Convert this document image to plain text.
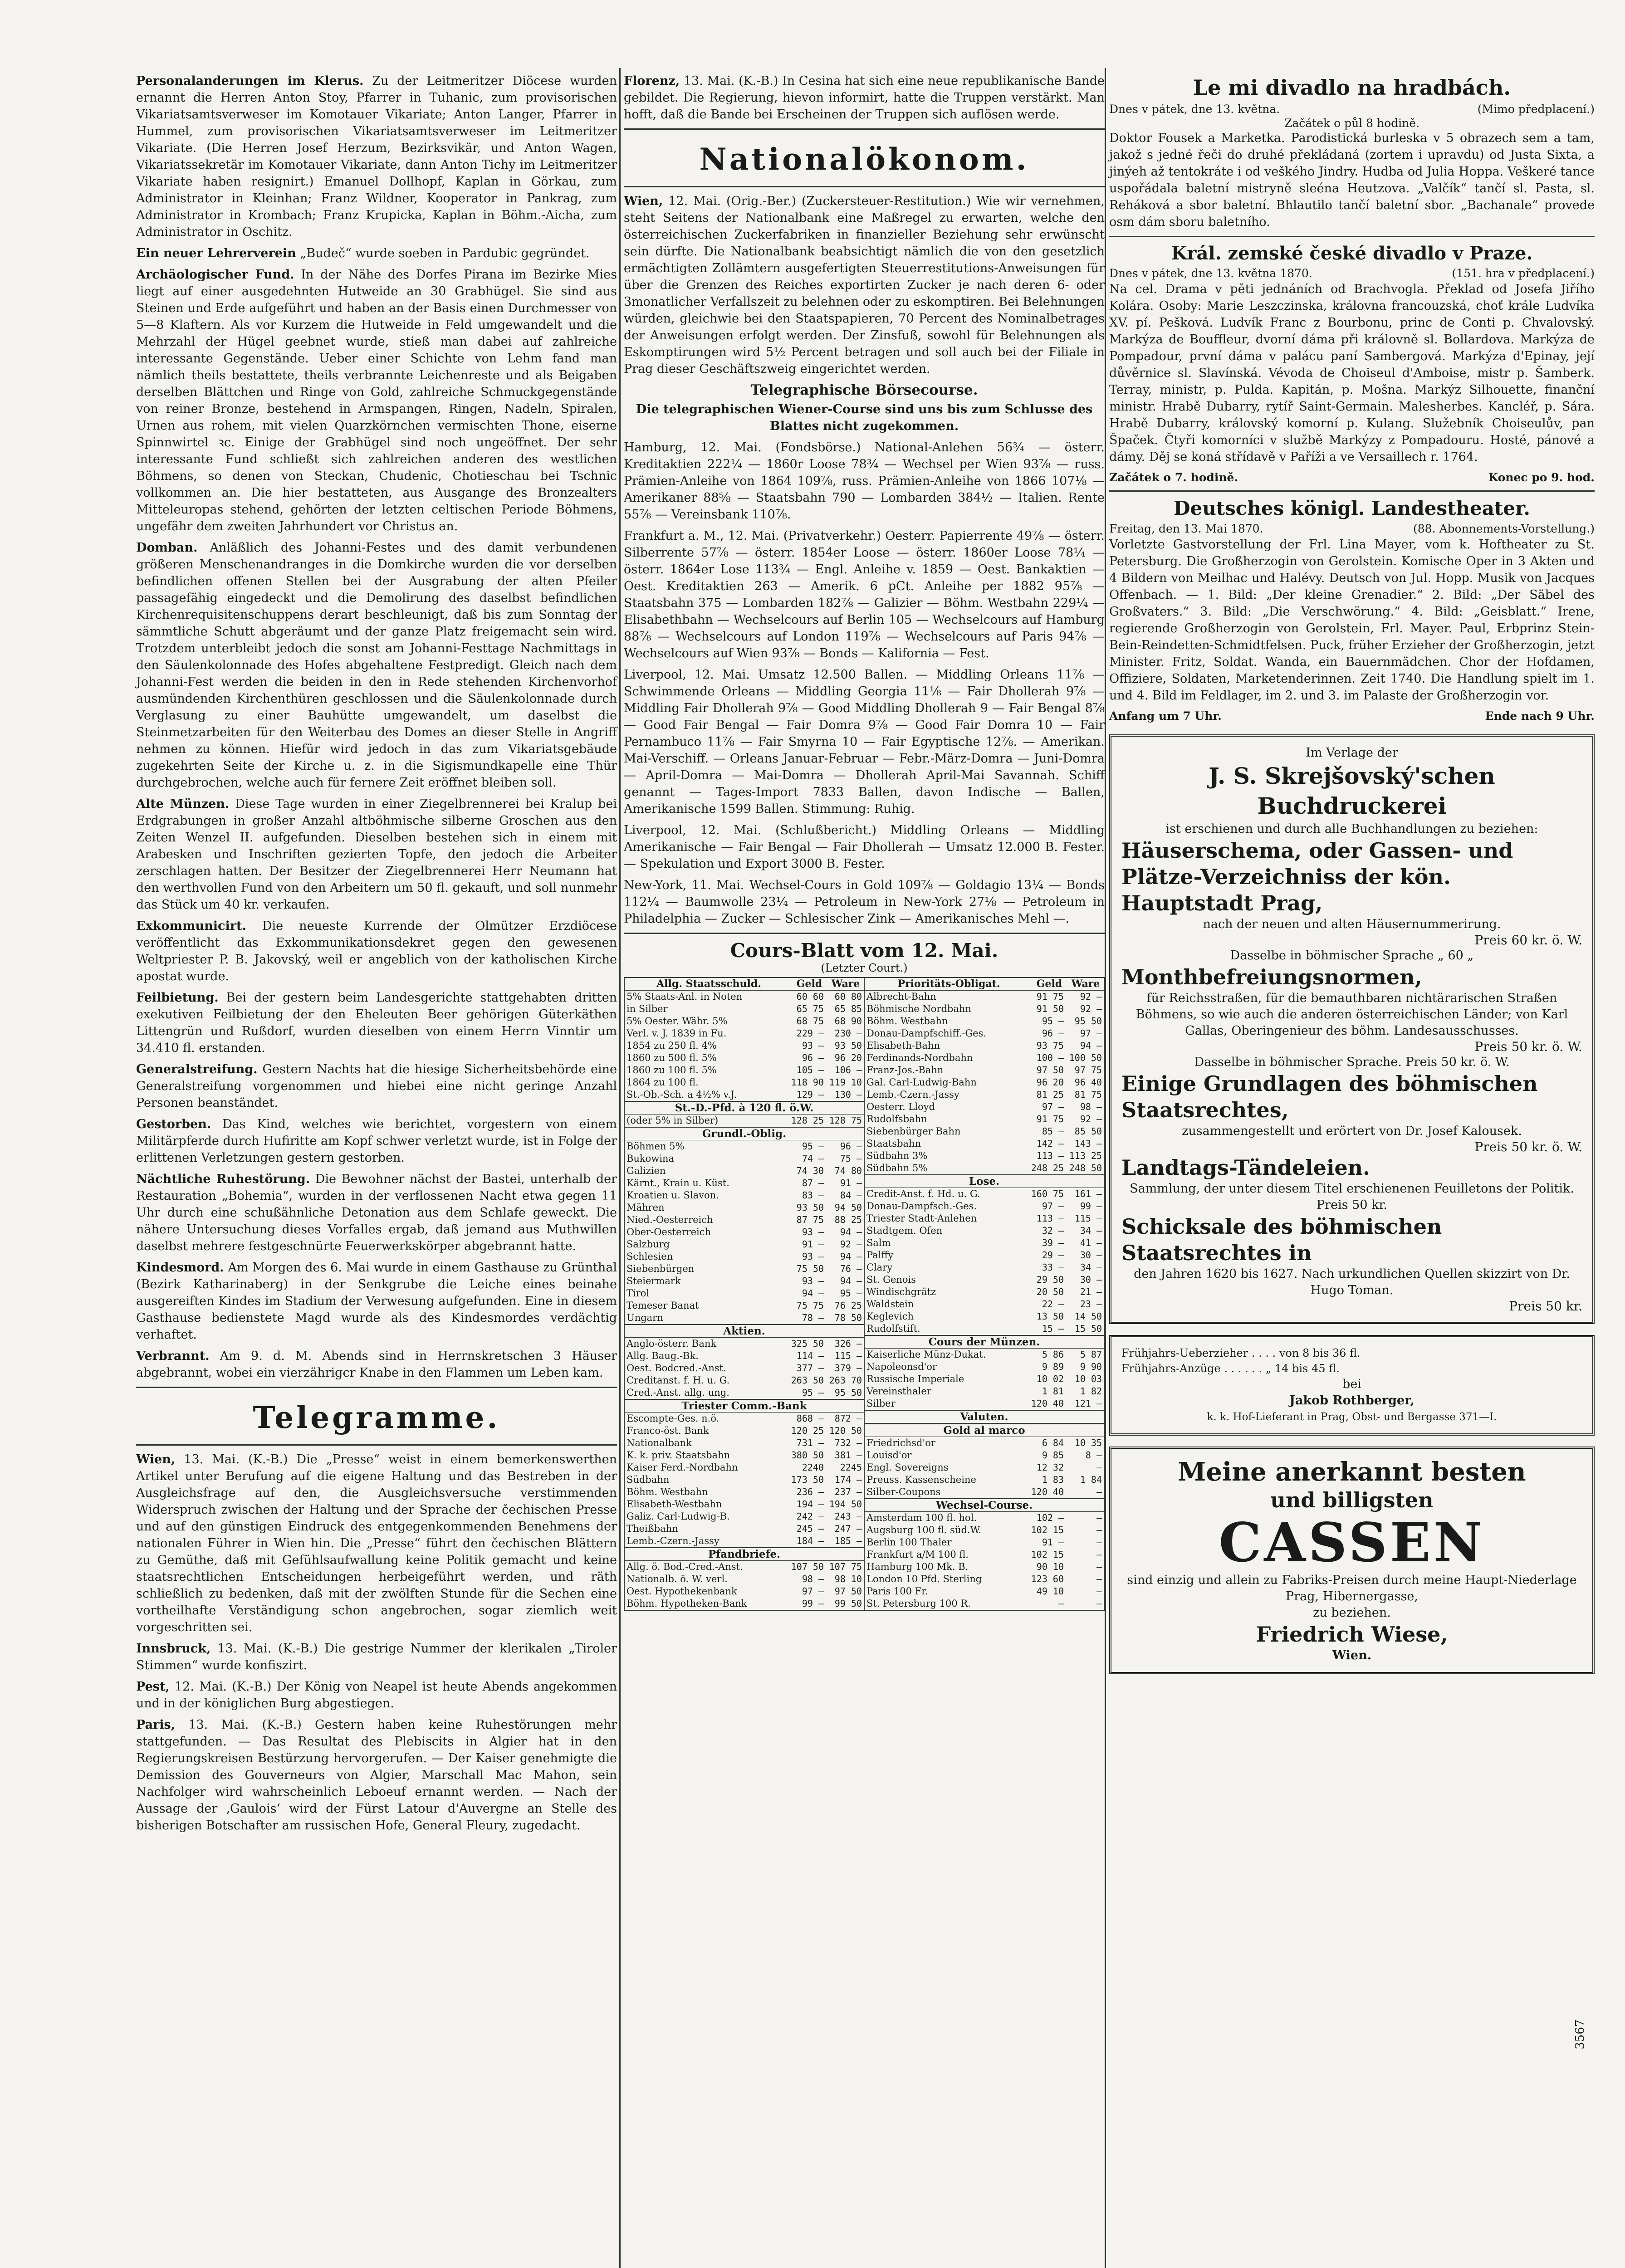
Personalanderungen im Klerus. Zu der Leitmeritzer Diöcese wurden ernannt die Herren Anton Stoy, Pfarrer in Tuhanic, zum provisorischen Vikariatsamtsverweser im Komotauer Vikariate; Anton Langer, Pfarrer in Hummel, zum provisorischen Vikariatsamtsverweser im Leitmeritzer Vikariate. (Die Herren Josef Herzum, Bezirksvikär, und Anton Wagen, Vikariatssekretär im Komotauer Vikariate, dann Anton Tichy im Leitmeritzer Vikariate haben resignirt.) Emanuel Dollhopf, Kaplan in Görkau, zum Administrator in Kleinhan; Franz Wildner, Kooperator in Pankrag, zum Administrator in Krombach; Franz Krupicka, Kaplan in Böhm.-Aicha, zum Administrator in Oschitz.

Ein neuer Lehrerverein „Budeč“ wurde soeben in Pardubic gegründet.

Archäologischer Fund. In der Nähe des Dorfes Pirana im Bezirke Mies liegt auf einer ausgedehnten Hutweide an 30 Grabhügel. Sie sind aus Steinen und Erde aufgeführt und haben an der Basis einen Durchmesser von 5—8 Klaftern. Als vor Kurzem die Hutweide in Feld umgewandelt und die Mehrzahl der Hügel geebnet wurde, stieß man dabei auf zahlreiche interessante Gegenstände. Ueber einer Schichte von Lehm fand man nämlich theils bestattete, theils verbrannte Leichenreste und als Beigaben derselben Blättchen und Ringe von Gold, zahlreiche Schmuckgegenstände von reiner Bronze, bestehend in Armspangen, Ringen, Nadeln, Spiralen, Urnen aus rohem, mit vielen Quarzkörnchen vermischten Thone, eiserne Spinnwirtel ꝛc. Einige der Grabhügel sind noch ungeöffnet. Der sehr interessante Fund schließt sich zahlreichen anderen des westlichen Böhmens, so denen von Steckan, Chudenic, Chotieschau bei Tschnic vollkommen an. Die hier bestatteten, aus Ausgange des Bronzealters Mitteleuropas stehend, gehörten der letzten celtischen Periode Böhmens, ungefähr dem zweiten Jahrhundert vor Christus an.

Domban. Anläßlich des Johanni-Festes und des damit verbundenen größeren Menschenandranges in die Domkirche wurden die vor derselben befindlichen offenen Stellen bei der Ausgrabung der alten Pfeiler passagefähig eingedeckt und die Demolirung des daselbst befindlichen Kirchenrequisitenschuppens derart beschleunigt, daß bis zum Sonntag der sämmtliche Schutt abgeräumt und der ganze Platz freigemacht sein wird. Trotzdem unterbleibt jedoch die sonst am Johanni-Festtage Nachmittags in den Säulenkolonnade des Hofes abgehaltene Festpredigt. Gleich nach dem Johanni-Fest werden die beiden in den in Rede stehenden Kirchenvorhof ausmündenden Kirchenthüren geschlossen und die Säulenkolonnade durch Verglasung zu einer Bauhütte umgewandelt, um daselbst die Steinmetzarbeiten für den Weiterbau des Domes an dieser Stelle in Angriff nehmen zu können. Hiefür wird jedoch in das zum Vikariatsgebäude zugekehrten Seite der Kirche u. z. in die Sigismundkapelle eine Thür durchgebrochen, welche auch für fernere Zeit eröffnet bleiben soll.

Alte Münzen. Diese Tage wurden in einer Ziegelbrennerei bei Kralup bei Erdgrabungen in großer Anzahl altböhmische silberne Groschen aus den Zeiten Wenzel II. aufgefunden. Dieselben bestehen sich in einem mit Arabesken und Inschriften gezierten Topfe, den jedoch die Arbeiter zerschlagen hatten. Der Besitzer der Ziegelbrennerei Herr Neumann hat den werthvollen Fund von den Arbeitern um 50 fl. gekauft, und soll nunmehr das Stück um 40 kr. verkaufen.

Exkommunicirt. Die neueste Kurrende der Olmützer Erzdiöcese veröffentlicht das Exkommunikationsdekret gegen den gewesenen Weltpriester P. B. Jakovský, weil er angeblich von der katholischen Kirche apostat wurde.

Feilbietung. Bei der gestern beim Landesgerichte stattgehabten dritten exekutiven Feilbietung der den Eheleuten Beer gehörigen Güterkäthen Littengrün und Rußdorf, wurden dieselben von einem Herrn Vinntir um 34.410 fl. erstanden.

Generalstreifung. Gestern Nachts hat die hiesige Sicherheitsbehörde eine Generalstreifung vorgenommen und hiebei eine nicht geringe Anzahl Personen beanständet.

Gestorben. Das Kind, welches wie berichtet, vorgestern von einem Militärpferde durch Hufiritte am Kopf schwer verletzt wurde, ist in Folge der erlittenen Verletzungen gestern gestorben.

Nächtliche Ruhestörung. Die Bewohner nächst der Bastei, unterhalb der Restauration „Bohemia“, wurden in der verflossenen Nacht etwa gegen 11 Uhr durch eine schußähnliche Detonation aus dem Schlafe geweckt. Die nähere Untersuchung dieses Vorfalles ergab, daß jemand aus Muthwillen daselbst mehrere festgeschnürte Feuerwerkskörper abgebrannt hatte.

Kindesmord. Am Morgen des 6. Mai wurde in einem Gasthause zu Grünthal (Bezirk Katharinaberg) in der Senkgrube die Leiche eines beinahe ausgereiften Kindes im Stadium der Verwesung aufgefunden. Eine in diesem Gasthause bedienstete Magd wurde als des Kindesmordes verdächtig verhaftet.

Verbrannt. Am 9. d. M. Abends sind in Herrnskretschen 3 Häuser abgebrannt, wobei ein vierzährigcr Knabe in den Flammen um Leben kam.

Telegramme.

Wien, 13. Mai. (K.-B.) Die „Presse“ weist in einem bemerkenswerthen Artikel unter Berufung auf die eigene Haltung und das Bestreben in der Ausgleichsfrage auf den, die Ausgleichsversuche verstimmenden Widerspruch zwischen der Haltung und der Sprache der čechischen Presse und auf den günstigen Eindruck des entgegenkommenden Benehmens der nationalen Führer in Wien hin. Die „Presse“ führt den čechischen Blättern zu Gemüthe, daß mit Gefühlsaufwallung keine Politik gemacht und keine staatsrechtlichen Entscheidungen herbeigeführt werden, und räth schließlich zu bedenken, daß mit der zwölften Stunde für die Sechen eine vortheilhafte Verständigung schon angebrochen, sogar ziemlich weit vorgeschritten sei.

Innsbruck, 13. Mai. (K.-B.) Die gestrige Nummer der klerikalen „Tiroler Stimmen“ wurde konfiszirt.

Pest, 12. Mai. (K.-B.) Der König von Neapel ist heute Abends angekommen und in der königlichen Burg abgestiegen.

Paris, 13. Mai. (K.-B.) Gestern haben keine Ruhestörungen mehr stattgefunden. — Das Resultat des Plebiscits in Algier hat in den Regierungskreisen Bestürzung hervorgerufen. — Der Kaiser genehmigte die Demission des Gouverneurs von Algier, Marschall Mac Mahon, sein Nachfolger wird wahrscheinlich Leboeuf ernannt werden. — Nach der Aussage der ‚Gaulois‘ wird der Fürst Latour d'Auvergne an Stelle des bisherigen Botschafter am russischen Hofe, General Fleury, zugedacht.

Florenz, 13. Mai. (K.-B.) In Cesina hat sich eine neue republikanische Bande gebildet. Die Regierung, hievon informirt, hatte die Truppen verstärkt. Man hofft, daß die Bande bei Erscheinen der Truppen sich auflösen werde.

Nationalökonom.

Wien, 12. Mai. (Orig.-Ber.) (Zuckersteuer-Restitution.) Wie wir vernehmen, steht Seitens der Nationalbank eine Maßregel zu erwarten, welche den österreichischen Zuckerfabriken in finanzieller Beziehung sehr erwünscht sein dürfte. Die Nationalbank beabsichtigt nämlich die von den gesetzlich ermächtigten Zollämtern ausgefertigten Steuerrestitutions-Anweisungen für über die Grenzen des Reiches exportirten Zucker je nach deren 6- oder 3monatlicher Verfallszeit zu belehnen oder zu eskomptiren. Bei Belehnungen würden, gleichwie bei den Staatspapieren, 70 Percent des Nominalbetrages der Anweisungen erfolgt werden. Der Zinsfuß, sowohl für Belehnungen als Eskomptirungen wird 5½ Percent betragen und soll auch bei der Filiale in Prag dieser Geschäftszweig eingerichtet werden.

Telegraphische Börsecourse.

Die telegraphischen Wiener-Course sind uns bis zum Schlusse des Blattes nicht zugekommen.

Hamburg, 12. Mai. (Fondsbörse.) National-Anlehen 56¾ — österr. Kreditaktien 222¼ — 1860r Loose 78¾ — Wechsel per Wien 93⅞ — russ. Prämien-Anleihe von 1864 109⅞, russ. Prämien-Anleihe von 1866 107⅛ — Amerikaner 88⅝ — Staatsbahn 790 — Lombarden 384½ — Italien. Rente 55⅞ — Vereinsbank 110⅞.

Frankfurt a. M., 12. Mai. (Privatverkehr.) Oesterr. Papierrente 49⅞ — österr. Silberrente 57⅞ — österr. 1854er Loose — österr. 1860er Loose 78¼ — österr. 1864er Lose 113¾ — Engl. Anleihe v. 1859 — Oest. Bankaktien — Oest. Kreditaktien 263 — Amerik. 6 pCt. Anleihe per 1882 95⅞ — Staatsbahn 375 — Lombarden 182⅞ — Galizier — Böhm. Westbahn 229¼ — Elisabethbahn — Wechselcours auf Berlin 105 — Wechselcours auf Hamburg 88⅞ — Wechselcours auf London 119⅞ — Wechselcours auf Paris 94⅞ — Wechselcours auf Wien 93⅞ — Bonds — Kalifornia — Fest.

Liverpool, 12. Mai. Umsatz 12.500 Ballen. — Middling Orleans 11⅞ — Schwimmende Orleans — Middling Georgia 11⅛ — Fair Dhollerah 9⅞ — Middling Fair Dhollerah 9⅞ — Good Middling Dhollerah 9 — Fair Bengal 8⅞ — Good Fair Bengal — Fair Domra 9⅞ — Good Fair Domra 10 — Fair Pernambuco 11⅞ — Fair Smyrna 10 — Fair Egyptische 12⅞. — Amerikan. Mai-Verschiff. — Orleans Januar-Februar — Febr.-März-Domra — Juni-Domra — April-Domra — Mai-Domra — Dhollerah April-Mai Savannah. Schiff genannt — Tages-Import 7833 Ballen, davon Indische — Ballen, Amerikanische 1599 Ballen. Stimmung: Ruhig.

Liverpool, 12. Mai. (Schlußbericht.) Middling Orleans — Middling Amerikanische — Fair Bengal — Fair Dhollerah — Umsatz 12.000 B. Fester. — Spekulation und Export 3000 B. Fester.

New-York, 11. Mai. Wechsel-Cours in Gold 109⅞ — Goldagio 13¼ — Bonds 112¼ — Baumwolle 23¼ — Petroleum in New-York 27⅛ — Petroleum in Philadelphia — Zucker — Schlesischer Zink — Amerikanisches Mehl —.

Cours-Blatt vom 12. Mai.
(Letzter Court.)
Allg. Staatsschuld.	Geld Ware
5% Staats-Anl. in Noten	60 60	60 80
in Silber	65 75	65 85
5% Oester. Währ. 5%	68 75	68 90
Verl. v. J. 1839 in Fu.	229 —	230 —
1854 zu 250 fl. 4%	93 —	93 50
1860 zu 500 fl. 5%	96 —	96 20
1860 zu 100 fl. 5%	105 —	106 —
1864 zu 100 fl.	118 90 119 10
St.-Ob.-Sch. a 4½% v.J.	129 —	130 —
St.-D.-Pfd. à 120 fl. ö.W.
(oder 5% in Silber)	128 25 128 75
Grundl.-Oblig.
Böhmen 5%	95 —	96 —
Bukowina	74 —	75 —
Galizien	74 30	74 80
Kärnt., Krain u. Küst.	87 —	91 —
Kroatien u. Slavon.	83 —	84 —
Mähren	93 50	94 50
Nied.-Oesterreich	87 75	88 25
Ober-Oesterreich	93 —	94 —
Salzburg	91 —	92 —
Schlesien	93 —	94 —
Siebenbürgen	75 50	76 —
Steiermark	93 —	94 —
Tirol	94 —	95 —
Temeser Banat	75 75	76 25
Ungarn	78 —	78 50
Aktien.
Anglo-österr. Bank	325 50	326 —
Allg. Baug.-Bk.	114 —	115 —
Oest. Bodcred.-Anst.	377 —	379 —
Creditanst. f. H. u. G.	263 50 263 70
Cred.-Anst. allg. ung.	95 —	95 50
Triester Comm.-Bank
Escompte-Ges. n.ö.	868 —	872 —
Franco-öst. Bank	120 25 120 50
Nationalbank	731 —	732 —
K. k. priv. Staatsbahn	380 50	381 —
Kaiser Ferd.-Nordbahn	2240	2245
Südbahn	173 50	174 —
Böhm. Westbahn	236 —	237 —
Elisabeth-Westbahn	194 — 194 50
Galiz. Carl-Ludwig-B.	242 —	243 —
Theißbahn	245 —	247 —
Lemb.-Czern.-Jassy	184 —	185 —
Pfandbriefe.
Allg. ö. Bod.-Cred.-Anst.	107 50 107 75
Nationalb. ö. W. verl.	98 —	98 10
Oest. Hypothekenbank	97 —	97 50
Böhm. Hypotheken-Bank	99 —	99 50
Prioritäts-Obligat.	Geld Ware
Albrecht-Bahn	91 75	92 —
Böhmische Nordbahn	91 50	92 —
Böhm. Westbahn	95 —	95 50
Donau-Dampfschiff.-Ges.	96 —	97 —
Elisabeth-Bahn	93 75	94 —
Ferdinands-Nordbahn	100 — 100 50
Franz-Jos.-Bahn	97 50	97 75
Gal. Carl-Ludwig-Bahn	96 20	96 40
Lemb.-Czern.-Jassy	81 25	81 75
Oesterr. Lloyd	97 —	98 —
Rudolfsbahn	91 75	92 —
Siebenbürger Bahn	85 —	85 50
Staatsbahn	142 —	143 —
Südbahn 3%	113 — 113 25
Südbahn 5%	248 25 248 50
Lose.
Credit-Anst. f. Hd. u. G.	160 75	161 —
Donau-Dampfsch.-Ges.	97 —	99 —
Triester Stadt-Anlehen	113 —	115 —
Stadtgem. Ofen	32 —	34 —
Salm	39 —	41 —
Palffy	29 —	30 —
Clary	33 —	34 —
St. Genois	29 50	30 —
Windischgrätz	20 50	21 —
Waldstein	22 —	23 —
Keglevich	13 50	14 50
Rudolfstift.	15 —	15 50
Cours der Münzen.
Kaiserliche Münz-Dukat.	5 86	5 87
Napoleonsd'or	9 89	9 90
Russische Imperiale	10 02	10 03
Vereinsthaler	1 81	1 82
Silber	120 40	121 —
Valuten.
Gold al marco
Friedrichsd'or	6 84	10 35
Louisd'or	9 85	8 —
Engl. Sovereigns	12 32	—
Preuss. Kassenscheine	1 83	1 84
Silber-Coupons	120 40	—
Wechsel-Course.
Amsterdam 100 fl. hol.	102 —	—
Augsburg 100 fl. süd.W.	102 15	—
Berlin 100 Thaler	91 —	—
Frankfurt a/M 100 fl.	102 15	—
Hamburg 100 Mk. B.	90 10	—
London 10 Pfd. Sterling	123 60	—
Paris 100 Fr.	49 10	—
St. Petersburg 100 R.	—	—
Le mi divadlo na hradbách.
Dnes v pátek, dne 13. května.	(Mimo předplacení.)
Začátek o půl 8 hodině.

Doktor Fousek a Marketka. Parodistická burleska v 5 obrazech sem a tam, jakož s jedné řeči do druhé překládaná (zortem i upravdu) od Justa Sixta, a jinýeh až tentokráte i od veškého Jindry. Hudba od Julia Hoppa. Veškeré tance uspořádala baletní mistryně sleéna Heutzova. „Valčík“ tančí sl. Pasta, sl. Reháková a sbor baletní. Bhlautilo tančí baletní sbor. „Bachanale“ provede osm dám sboru baletního.

Král. zemské české divadlo v Praze.
Dnes v pátek, dne 13. května 1870.	(151. hra v předplacení.)

Na cel. Drama v pěti jednáních od Brachvogla. Překlad od Josefa Jiřího Kolára. Osoby: Marie Leszczinska, královna francouzská, choť krále Ludvíka XV. pí. Pešková. Ludvík Franc z Bourbonu, princ de Conti p. Chvalovský. Markýza de Bouffleur, dvorní dáma při královně sl. Bollardova. Markýza de Pompadour, první dáma v palácu paní Sambergová. Markýza d'Epinay, její důvěrnice sl. Slavínská. Vévoda de Choiseul d'Amboise, mistr p. Šamberk. Terray, ministr, p. Pulda. Kapitán, p. Mošna. Markýz Silhouette, finanční ministr. Hrabě Dubarry, rytíř Saint-Germain. Malesherbes. Kancléř, p. Sára. Hrabě Dubarry, královský komorní p. Kulang. Služebník Choiseulův, pan Špaček. Čtyři komorníci v službě Markýzy z Pompadouru. Hosté, pánové a dámy. Děj se koná střídavě v Paříži a ve Versaillech r. 1764.

Začátek o 7. hodině.	Konec po 9. hod.
Deutsches königl. Landestheater.
Freitag, den 13. Mai 1870.	(88. Abonnements-Vorstellung.)

Vorletzte Gastvorstellung der Frl. Lina Mayer, vom k. Hoftheater zu St. Petersburg. Die Großherzogin von Gerolstein. Komische Oper in 3 Akten und 4 Bildern von Meilhac und Halévy. Deutsch von Jul. Hopp. Musik von Jacques Offenbach. — 1. Bild: „Der kleine Grenadier.“ 2. Bild: „Der Säbel des Großvaters.“ 3. Bild: „Die Verschwörung.“ 4. Bild: „Geisblatt.“ Irene, regierende Großherzogin von Gerolstein, Frl. Mayer. Paul, Erbprinz Stein-Bein-Reindetten-Schmidtfelsen. Puck, früher Erzieher der Großherzogin, jetzt Minister. Fritz, Soldat. Wanda, ein Bauernmädchen. Chor der Hofdamen, Offiziere, Soldaten, Marketenderinnen. Zeit 1740. Die Handlung spielt im 1. und 4. Bild im Feldlager, im 2. und 3. im Palaste der Großherzogin vor.

Anfang um 7 Uhr.	Ende nach 9 Uhr.
Im Verlage der
J. S. Skrejšovský'schen Buchdruckerei
ist erschienen und durch alle Buchhandlungen zu beziehen:
Häuserschema, oder Gassen- und Plätze-Verzeichniss der kön. Hauptstadt Prag,
nach der neuen und alten Häusernummerirung.
Preis 60 kr. ö. W.
Dasselbe in böhmischer Sprache „ 60 „
Monthbefreiungsnormen,
für Reichsstraßen, für die bemauthbaren nichtärarischen Straßen Böhmens, so wie auch die anderen österreichischen Länder; von Karl Gallas, Oberingenieur des böhm. Landesausschusses.
Preis 50 kr. ö. W.
Dasselbe in böhmischer Sprache. Preis 50 kr. ö. W.
Einige Grundlagen des böhmischen Staatsrechtes,
zusammengestellt und erörtert von Dr. Josef Kalousek.
Preis 50 kr. ö. W.
Landtags-Tändeleien.
Sammlung, der unter diesem Titel erschienenen Feuilletons der Politik. Preis 50 kr.
Schicksale des böhmischen Staatsrechtes in
den Jahren 1620 bis 1627. Nach urkundlichen Quellen skizzirt von Dr. Hugo Toman.
Preis 50 kr.
Frühjahrs-Ueberzieher . . . . von 8 bis 36 fl.
Frühjahrs-Anzüge . . . . . . „ 14 bis 45 fl.
bei
Jakob Rothberger,
k. k. Hof-Lieferant in Prag, Obst- und Bergasse 371—I.
Meine anerkannt besten
und billigsten
CASSEN
sind einzig und allein zu Fabriks-Preisen durch meine Haupt-Niederlage Prag, Hibernergasse,
zu beziehen.
Friedrich Wiese,
Wien.
3567
